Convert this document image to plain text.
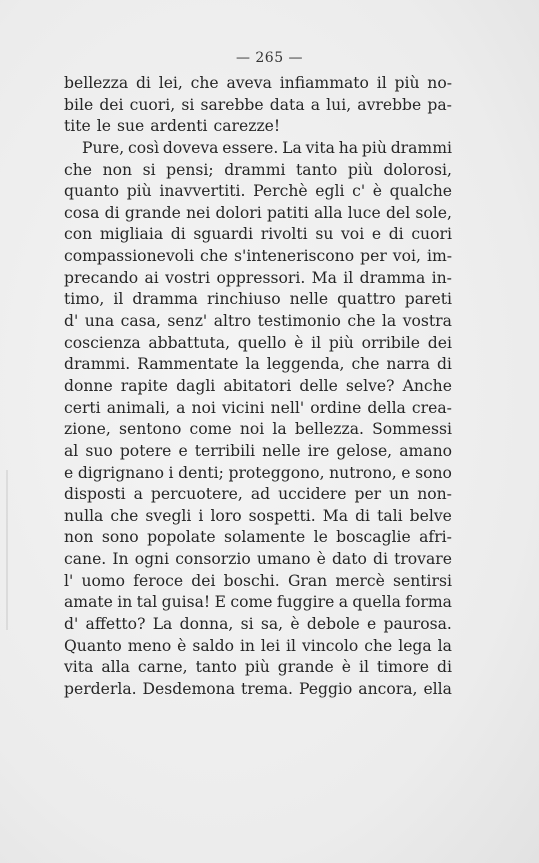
— 265 —
bellezza di lei, che aveva infiammato il più no-
bile dei cuori, si sarebbe data a lui, avrebbe pa-
tite le sue ardenti carezze!
Pure, così doveva essere. La vita ha più drammi
che non si pensi; drammi tanto più dolorosi,
quanto più inavvertiti. Perchè egli c' è qualche
cosa di grande nei dolori patiti alla luce del sole,
con migliaia di sguardi rivolti su voi e di cuori
compassionevoli che s'inteneriscono per voi, im-
precando ai vostri oppressori. Ma il dramma in-
timo, il dramma rinchiuso nelle quattro pareti
d' una casa, senz' altro testimonio che la vostra
coscienza abbattuta, quello è il più orribile dei
drammi. Rammentate la leggenda, che narra di
donne rapite dagli abitatori delle selve? Anche
certi animali, a noi vicini nell' ordine della crea-
zione, sentono come noi la bellezza. Sommessi
al suo potere e terribili nelle ire gelose, amano
e digrignano i denti; proteggono, nutrono, e sono
disposti a percuotere, ad uccidere per un non-
nulla che svegli i loro sospetti. Ma di tali belve
non sono popolate solamente le boscaglie afri-
cane. In ogni consorzio umano è dato di trovare
l' uomo feroce dei boschi. Gran mercè sentirsi
amate in tal guisa! E come fuggire a quella forma
d' affetto? La donna, si sa, è debole e paurosa.
Quanto meno è saldo in lei il vincolo che lega la
vita alla carne, tanto più grande è il timore di
perderla. Desdemona trema. Peggio ancora, ella
